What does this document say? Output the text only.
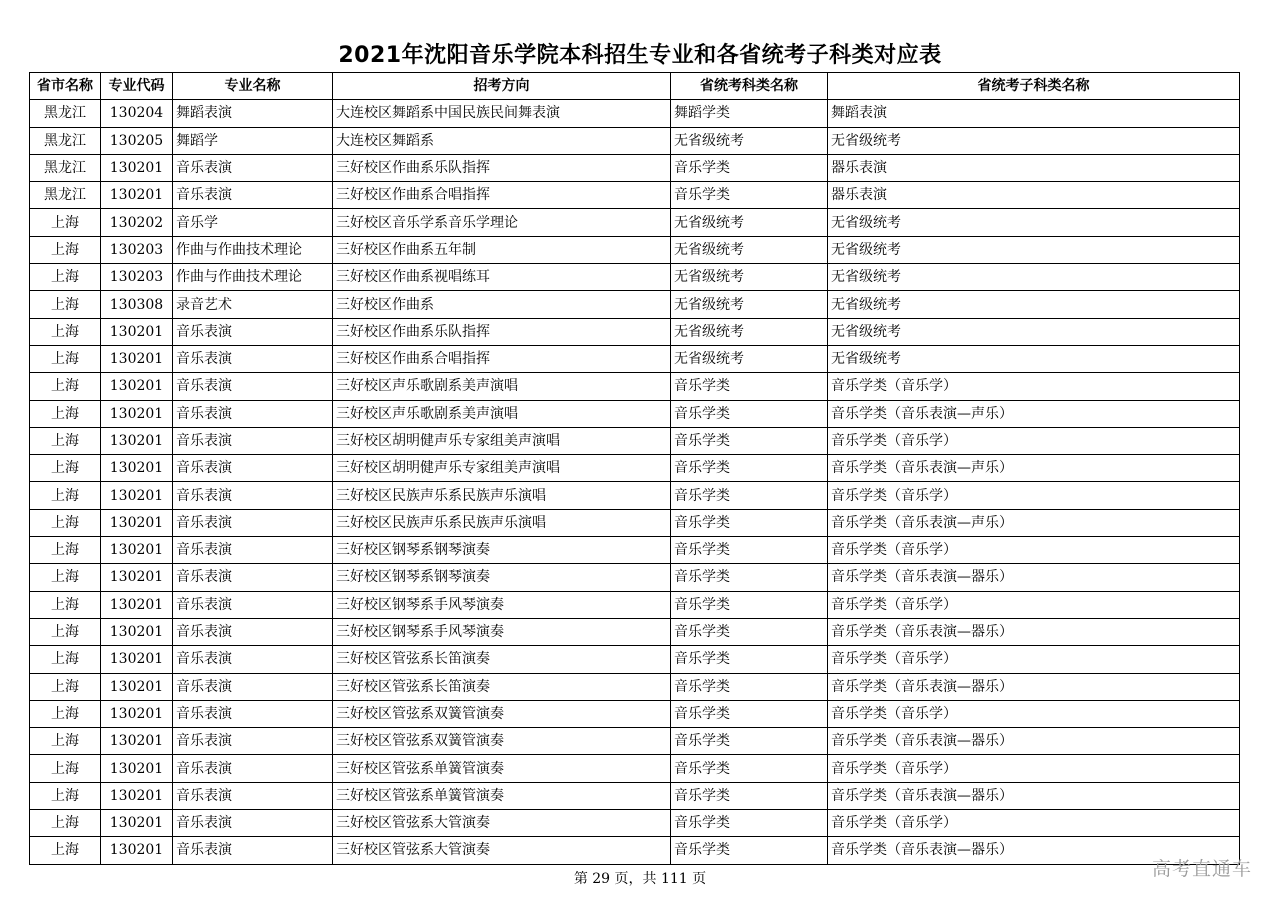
2021年沈阳音乐学院本科招生专业和各省统考子科类对应表
省市名称	专业代码	专业名称	招考方向	省统考科类名称	省统考子科类名称
黑龙江	130204	舞蹈表演	大连校区舞蹈系中国民族民间舞表演	舞蹈学类	舞蹈表演
黑龙江	130205	舞蹈学	大连校区舞蹈系	无省级统考	无省级统考
黑龙江	130201	音乐表演	三好校区作曲系乐队指挥	音乐学类	器乐表演
黑龙江	130201	音乐表演	三好校区作曲系合唱指挥	音乐学类	器乐表演
上海	130202	音乐学	三好校区音乐学系音乐学理论	无省级统考	无省级统考
上海	130203	作曲与作曲技术理论	三好校区作曲系五年制	无省级统考	无省级统考
上海	130203	作曲与作曲技术理论	三好校区作曲系视唱练耳	无省级统考	无省级统考
上海	130308	录音艺术	三好校区作曲系	无省级统考	无省级统考
上海	130201	音乐表演	三好校区作曲系乐队指挥	无省级统考	无省级统考
上海	130201	音乐表演	三好校区作曲系合唱指挥	无省级统考	无省级统考
上海	130201	音乐表演	三好校区声乐歌剧系美声演唱	音乐学类	音乐学类（音乐学）
上海	130201	音乐表演	三好校区声乐歌剧系美声演唱	音乐学类	音乐学类（音乐表演—声乐）
上海	130201	音乐表演	三好校区胡明健声乐专家组美声演唱	音乐学类	音乐学类（音乐学）
上海	130201	音乐表演	三好校区胡明健声乐专家组美声演唱	音乐学类	音乐学类（音乐表演—声乐）
上海	130201	音乐表演	三好校区民族声乐系民族声乐演唱	音乐学类	音乐学类（音乐学）
上海	130201	音乐表演	三好校区民族声乐系民族声乐演唱	音乐学类	音乐学类（音乐表演—声乐）
上海	130201	音乐表演	三好校区钢琴系钢琴演奏	音乐学类	音乐学类（音乐学）
上海	130201	音乐表演	三好校区钢琴系钢琴演奏	音乐学类	音乐学类（音乐表演—器乐）
上海	130201	音乐表演	三好校区钢琴系手风琴演奏	音乐学类	音乐学类（音乐学）
上海	130201	音乐表演	三好校区钢琴系手风琴演奏	音乐学类	音乐学类（音乐表演—器乐）
上海	130201	音乐表演	三好校区管弦系长笛演奏	音乐学类	音乐学类（音乐学）
上海	130201	音乐表演	三好校区管弦系长笛演奏	音乐学类	音乐学类（音乐表演—器乐）
上海	130201	音乐表演	三好校区管弦系双簧管演奏	音乐学类	音乐学类（音乐学）
上海	130201	音乐表演	三好校区管弦系双簧管演奏	音乐学类	音乐学类（音乐表演—器乐）
上海	130201	音乐表演	三好校区管弦系单簧管演奏	音乐学类	音乐学类（音乐学）
上海	130201	音乐表演	三好校区管弦系单簧管演奏	音乐学类	音乐学类（音乐表演—器乐）
上海	130201	音乐表演	三好校区管弦系大管演奏	音乐学类	音乐学类（音乐学）
上海	130201	音乐表演	三好校区管弦系大管演奏	音乐学类	音乐学类（音乐表演—器乐）
第 29 页，共 111 页	高考直通车
